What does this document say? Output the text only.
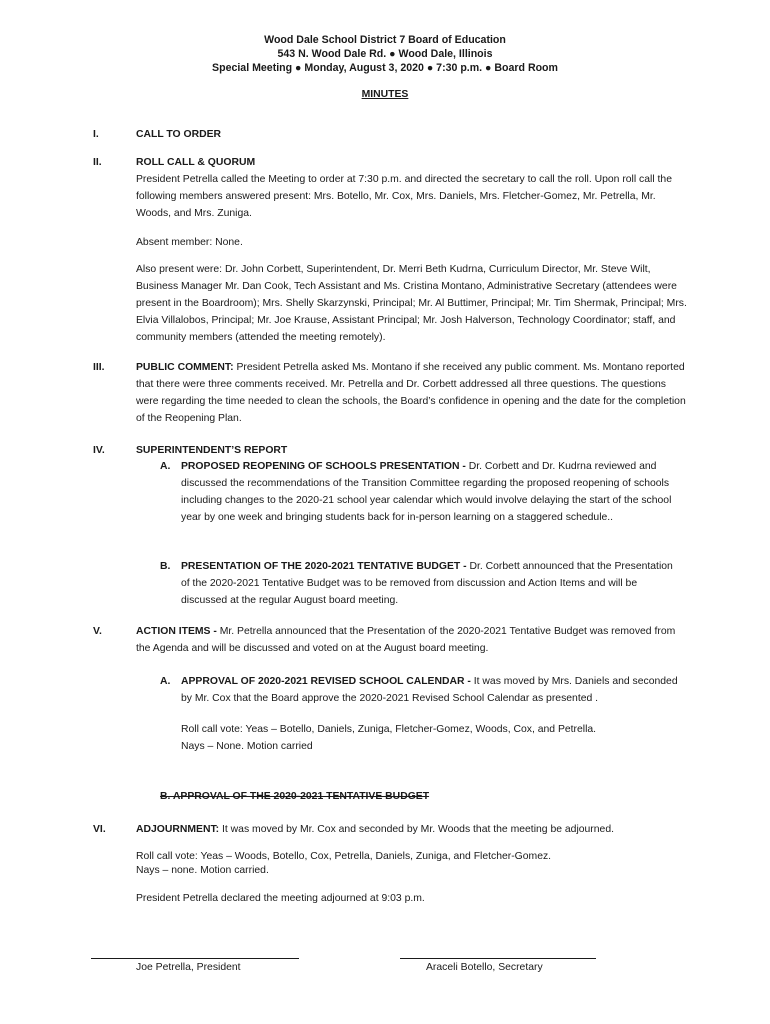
Wood Dale School District 7 Board of Education
543 N. Wood Dale Rd. ● Wood Dale, Illinois
Special Meeting ● Monday, August 3, 2020 ● 7:30 p.m. ● Board Room
MINUTES
I.	CALL TO ORDER
II.	ROLL CALL & QUORUM

President Petrella called the Meeting to order at 7:30 p.m. and directed the secretary to call the roll. Upon roll call the following members answered present: Mrs. Botello, Mr. Cox, Mrs. Daniels, Mrs. Fletcher-Gomez, Mr. Petrella, Mr. Woods, and Mrs. Zuniga.

Absent member: None.

Also present were: Dr. John Corbett, Superintendent, Dr. Merri Beth Kudrna, Curriculum Director, Mr. Steve Wilt, Business Manager Mr. Dan Cook, Tech Assistant and Ms. Cristina Montano, Administrative Secretary (attendees were present in the Boardroom); Mrs. Shelly Skarzynski, Principal; Mr. Al Buttimer, Principal; Mr. Tim Shermak, Principal; Mrs. Elvia Villalobos, Principal; Mr. Joe Krause, Assistant Principal; Mr. Josh Halverson, Technology Coordinator; staff, and community members (attended the meeting remotely).

III.	PUBLIC COMMENT: President Petrella asked Ms. Montano if she received any public comment. Ms. Montano reported that there were three comments received. Mr. Petrella and Dr. Corbett addressed all three questions. The questions were regarding the time needed to clean the schools, the Board’s confidence in opening and the date for the completion of the Reopening Plan.

IV.	SUPERINTENDENT’S REPORT
A. PROPOSED REOPENING OF SCHOOLS PRESENTATION - Dr. Corbett and Dr. Kudrna reviewed and discussed the recommendations of the Transition Committee regarding the proposed reopening of schools including changes to the 2020-21 school year calendar which would involve delaying the start of the school year by one week and bringing students back for in-person learning on a staggered schedule..

B. PRESENTATION OF THE 2020-2021 TENTATIVE BUDGET - Dr. Corbett announced that the Presentation of the 2020-2021 Tentative Budget was to be removed from discussion and Action Items and will be discussed at the regular August board meeting.

V.	ACTION ITEMS - Mr. Petrella announced that the Presentation of the 2020-2021 Tentative Budget was removed from the Agenda and will be discussed and voted on at the August board meeting.

A. APPROVAL OF 2020-2021 REVISED SCHOOL CALENDAR - It was moved by Mrs. Daniels and seconded by Mr. Cox that the Board approve the 2020-2021 Revised School Calendar as presented .

Roll call vote: Yeas – Botello, Daniels, Zuniga, Fletcher-Gomez, Woods, Cox, and Petrella.

Nays – None. Motion carried

B. APPROVAL OF THE 2020-2021 TENTATIVE BUDGET
VI.	ADJOURNMENT: It was moved by Mr. Cox and seconded by Mr. Woods that the meeting be adjourned.

Roll call vote: Yeas – Woods, Botello, Cox, Petrella, Daniels, Zuniga, and Fletcher-Gomez.

Nays – none. Motion carried.

President Petrella declared the meeting adjourned at 9:03 p.m.

Joe Petrella, President	Araceli Botello, Secretary
